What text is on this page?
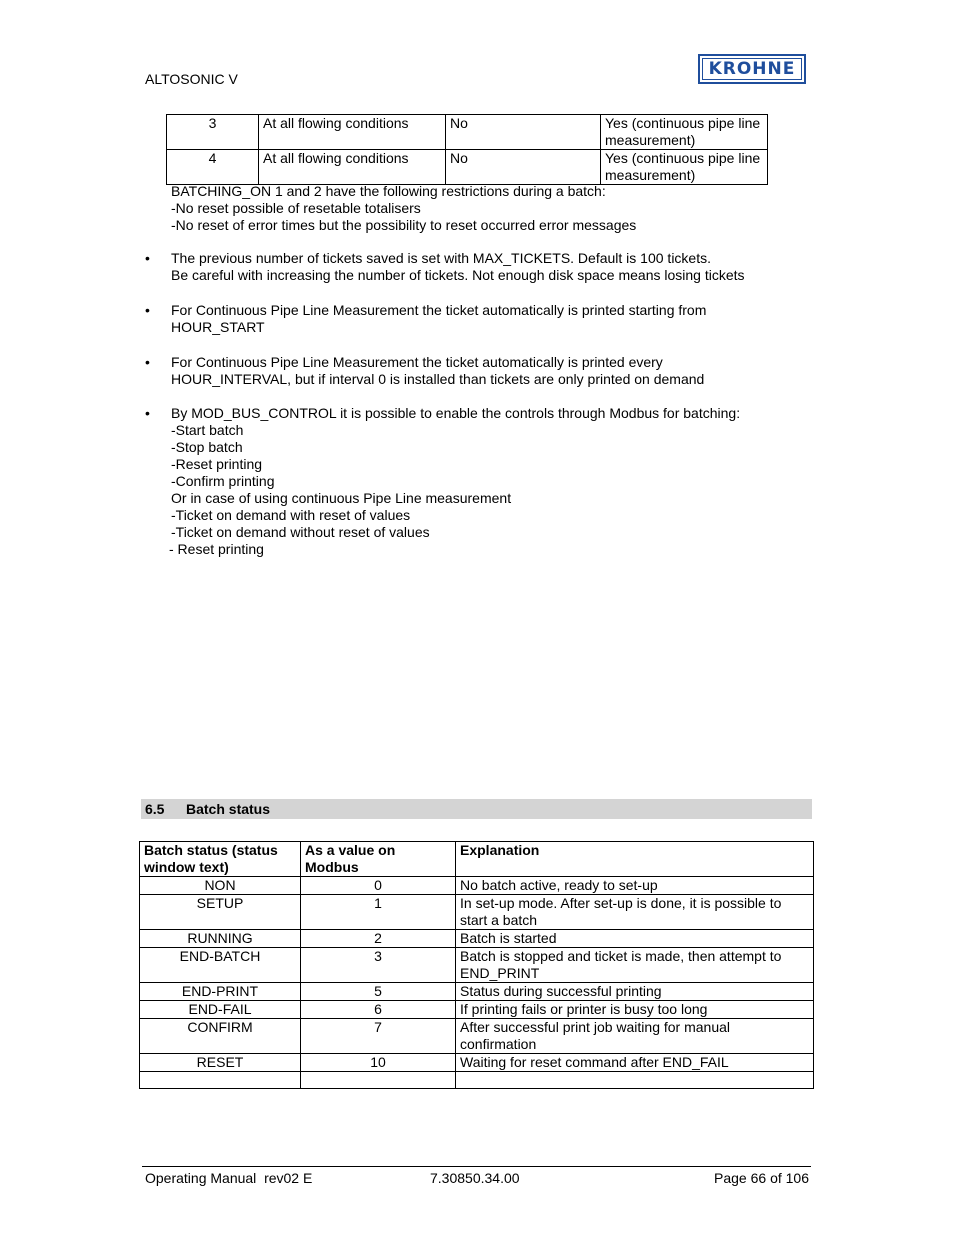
ALTOSONIC V	KROHNE
3	At all flowing conditions	No	Yes (continuous pipe line measurement)
4	At all flowing conditions	No	Yes (continuous pipe line measurement)
BATCHING_ON 1 and 2 have the following restrictions during a batch:
-No reset possible of resetable totalisers
-No reset of error times but the possibility to reset occurred error messages
• The previous number of tickets saved is set with MAX_TICKETS. Default is 100 tickets.
Be careful with increasing the number of tickets. Not enough disk space means losing tickets
• For Continuous Pipe Line Measurement the ticket automatically is printed starting from
HOUR_START
• For Continuous Pipe Line Measurement the ticket automatically is printed every
HOUR_INTERVAL, but if interval 0 is installed than tickets are only printed on demand
• By MOD_BUS_CONTROL it is possible to enable the controls through Modbus for batching:
-Start batch
-Stop batch
-Reset printing
-Confirm printing
Or in case of using continuous Pipe Line measurement
-Ticket on demand with reset of values
-Ticket on demand without reset of values
- Reset printing
6.5 Batch status
Batch status (status window text)	As a value on Modbus	Explanation
NON	0	No batch active, ready to set-up
SETUP	1	In set-up mode. After set-up is done, it is possible to start a batch
RUNNING	2	Batch is started
END-BATCH	3	Batch is stopped and ticket is made, then attempt to END_PRINT
END-PRINT	5	Status during successful printing
END-FAIL	6	If printing fails or printer is busy too long
CONFIRM	7	After successful print job waiting for manual confirmation
RESET	10	Waiting for reset command after END_FAIL

Operating Manual  rev02 E	7.30850.34.00	Page 66 of 106
